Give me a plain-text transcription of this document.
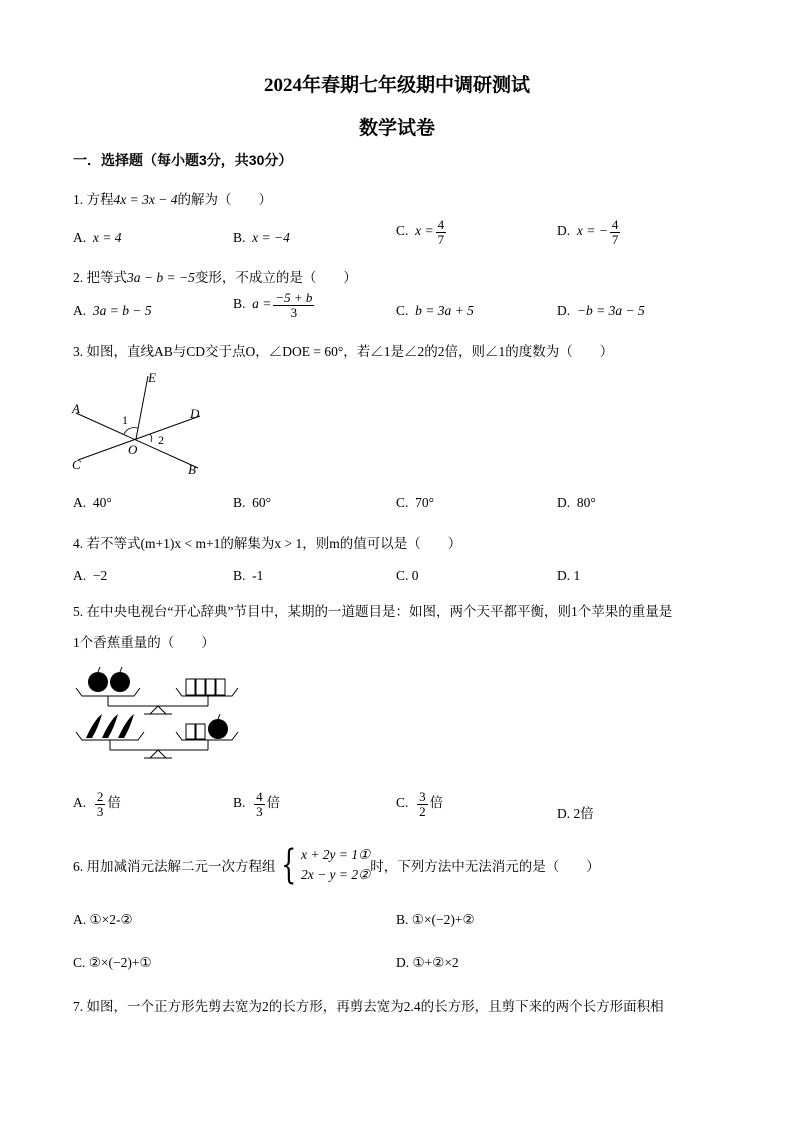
2024年春期七年级期中调研测试
数学试卷
一．选择题（每小题3分，共30分）
1. 方程4x = 3x − 4的解为（　　）
A. x = 4	B. x = −4	C. $x = \frac{4}{7}$	D. x = − $\frac{4}{7}$
2. 把等式3a − b = −5变形，不成立的是（　　）
A. 3a = b − 5	B. $a = \frac{-5 + b}{3}$	C. b = 3a + 5	D. −b = 3a − 5
3. 如图，直线AB与CD交于点O，∠DOE = 60°，若∠1是∠2的2倍，则∠1的度数为（　　）
E
A	D
1
2
O
C	B
A. 40°	B. 60°	C. 70°	D. 80°
4. 若不等式(m+1)x < m+1的解集为x > 1，则m的值可以是（　　）
A. −2	B. -1	C. 0	D. 1
5. 在中央电视台“开心辞典”节目中，某期的一道题目是：如图，两个天平都平衡，则1个苹果的重量是
1个香蕉重量的（　　）
A. $\frac{2}{3}$ 倍	B. $\frac{4}{3}$ 倍	C. $\frac{3}{2}$ 倍
D. 2倍
6. 用加减消元法解二元一次方程组 { x + 2y = 1①
2x − y = 2②
时，下列方法中无法消元的是（　　）
A. ①×2-②	B. ①×(−2)+②
C. ②×(−2)+①	D. ①+②×2
7. 如图，一个正方形先剪去宽为2的长方形，再剪去宽为2.4的长方形，且剪下来的两个长方形面积相
